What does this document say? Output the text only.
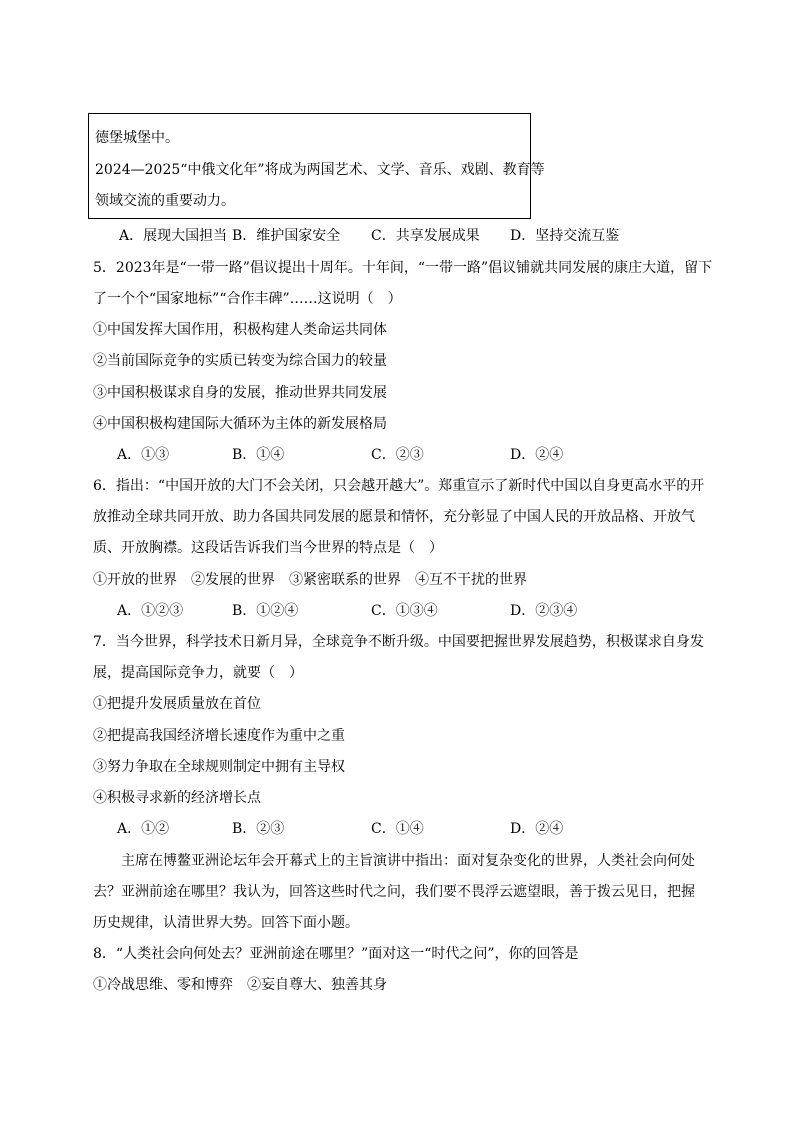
德堡城堡中。
2024—2025“中俄文化年”将成为两国艺术、文学、音乐、戏剧、教育等
领域交流的重要动力。
A．展现大国担当 B．维护国家安全 C．共享发展成果 D．坚持交流互鉴
5．2023年是“一带一路”倡议提出十周年。十年间，“一带一路”倡议铺就共同发展的康庄大道，留下
了一个个“国家地标”“合作丰碑”……这说明（　）
①中国发挥大国作用，积极构建人类命运共同体
②当前国际竞争的实质已转变为综合国力的较量
③中国积极谋求自身的发展，推动世界共同发展
④中国积极构建国际大循环为主体的新发展格局
A．①③	B．①④	C．②③	D．②④
6．指出：“中国开放的大门不会关闭，只会越开越大”。郑重宣示了新时代中国以自身更高水平的开
放推动全球共同开放、助力各国共同发展的愿景和情怀，充分彰显了中国人民的开放品格、开放气
质、开放胸襟。这段话告诉我们当今世界的特点是（　）
①开放的世界　②发展的世界　③紧密联系的世界　④互不干扰的世界
A．①②③	B．①②④	C．①③④	D．②③④
7．当今世界，科学技术日新月异，全球竞争不断升级。中国要把握世界发展趋势，积极谋求自身发
展，提高国际竞争力，就要（　）
①把提升发展质量放在首位
②把提高我国经济增长速度作为重中之重
③努力争取在全球规则制定中拥有主导权
④积极寻求新的经济增长点
A．①②	B．②③	C．①④	D．②④
主席在博鳌亚洲论坛年会开幕式上的主旨演讲中指出：面对复杂变化的世界，人类社会向何处
去？亚洲前途在哪里？我认为，回答这些时代之问，我们要不畏浮云遮望眼，善于拨云见日，把握
历史规律，认清世界大势。回答下面小题。
8．“人类社会向何处去？亚洲前途在哪里？”面对这一“时代之问”，你的回答是
①冷战思维、零和博弈　②妄自尊大、独善其身
